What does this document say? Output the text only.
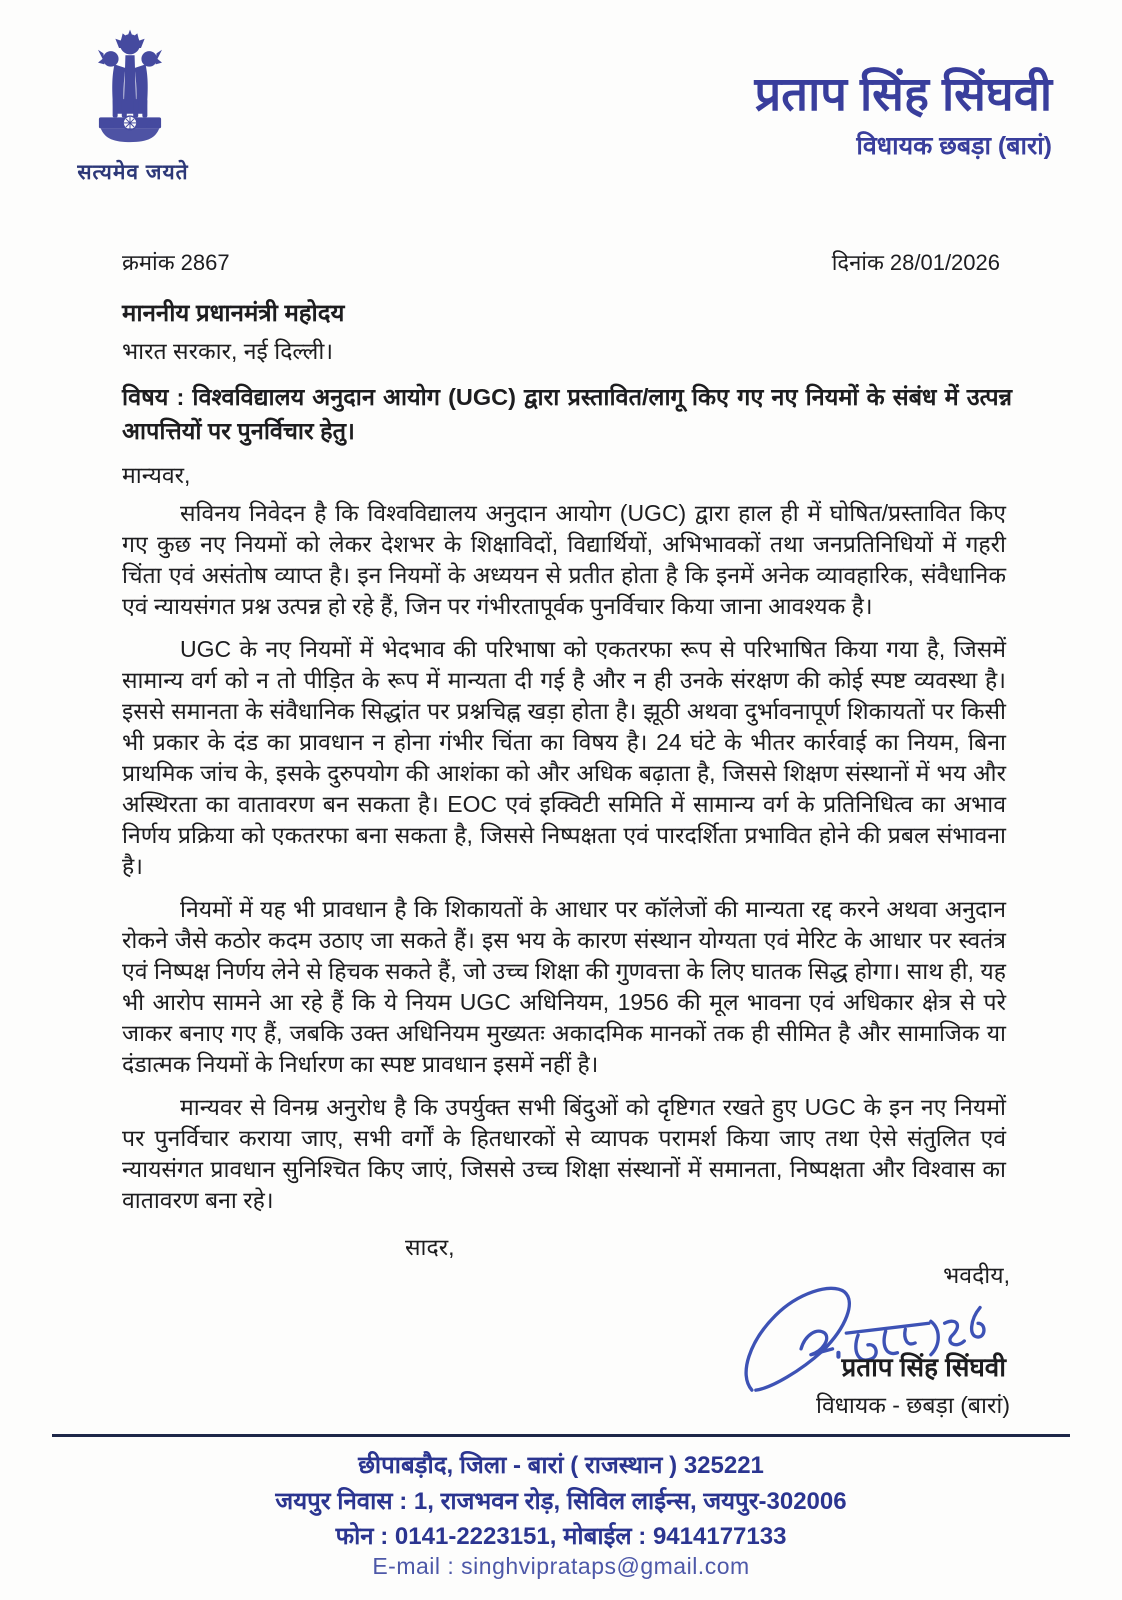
सत्यमेव जयते
प्रताप सिंह सिंघवी
विधायक छबड़ा (बारां)
क्रमांक 2867	दिनांक 28/01/2026
माननीय प्रधानमंत्री महोदय
भारत सरकार, नई दिल्ली।
विषय : विश्वविद्यालय अनुदान आयोग (UGC) द्वारा प्रस्तावित/लागू किए गए नए नियमों के संबंध में उत्पन्न आपत्तियों पर पुनर्विचार हेतु।
मान्यवर,

सविनय निवेदन है कि विश्वविद्यालय अनुदान आयोग (UGC) द्वारा हाल ही में घोषित/प्रस्तावित किए गए कुछ नए नियमों को लेकर देशभर के शिक्षाविदों, विद्यार्थियों, अभिभावकों तथा जनप्रतिनिधियों में गहरी चिंता एवं असंतोष व्याप्त है। इन नियमों के अध्ययन से प्रतीत होता है कि इनमें अनेक व्यावहारिक, संवैधानिक एवं न्यायसंगत प्रश्न उत्पन्न हो रहे हैं, जिन पर गंभीरतापूर्वक पुनर्विचार किया जाना आवश्यक है।

UGC के नए नियमों में भेदभाव की परिभाषा को एकतरफा रूप से परिभाषित किया गया है, जिसमें सामान्य वर्ग को न तो पीड़ित के रूप में मान्यता दी गई है और न ही उनके संरक्षण की कोई स्पष्ट व्यवस्था है। इससे समानता के संवैधानिक सिद्धांत पर प्रश्नचिह्न खड़ा होता है। झूठी अथवा दुर्भावनापूर्ण शिकायतों पर किसी भी प्रकार के दंड का प्रावधान न होना गंभीर चिंता का विषय है। 24 घंटे के भीतर कार्रवाई का नियम, बिना प्राथमिक जांच के, इसके दुरुपयोग की आशंका को और अधिक बढ़ाता है, जिससे शिक्षण संस्थानों में भय और अस्थिरता का वातावरण बन सकता है। EOC एवं इक्विटी समिति में सामान्य वर्ग के प्रतिनिधित्व का अभाव निर्णय प्रक्रिया को एकतरफा बना सकता है, जिससे निष्पक्षता एवं पारदर्शिता प्रभावित होने की प्रबल संभावना है।

नियमों में यह भी प्रावधान है कि शिकायतों के आधार पर कॉलेजों की मान्यता रद्द करने अथवा अनुदान रोकने जैसे कठोर कदम उठाए जा सकते हैं। इस भय के कारण संस्थान योग्यता एवं मेरिट के आधार पर स्वतंत्र एवं निष्पक्ष निर्णय लेने से हिचक सकते हैं, जो उच्च शिक्षा की गुणवत्ता के लिए घातक सिद्ध होगा। साथ ही, यह भी आरोप सामने आ रहे हैं कि ये नियम UGC अधिनियम, 1956 की मूल भावना एवं अधिकार क्षेत्र से परे जाकर बनाए गए हैं, जबकि उक्त अधिनियम मुख्यतः अकादमिक मानकों तक ही सीमित है और सामाजिक या दंडात्मक नियमों के निर्धारण का स्पष्ट प्रावधान इसमें नहीं है।

मान्यवर से विनम्र अनुरोध है कि उपर्युक्त सभी बिंदुओं को दृष्टिगत रखते हुए UGC के इन नए नियमों पर पुनर्विचार कराया जाए, सभी वर्गों के हितधारकों से व्यापक परामर्श किया जाए तथा ऐसे संतुलित एवं न्यायसंगत प्रावधान सुनिश्चित किए जाएं, जिससे उच्च शिक्षा संस्थानों में समानता, निष्पक्षता और विश्वास का वातावरण बना रहे।

सादर,
भवदीय,
प्रताप सिंह सिंघवी
विधायक - छबड़ा (बारां)
छीपाबड़ौद, जिला - बारां ( राजस्थान ) 325221
जयपुर निवास : 1, राजभवन रोड़, सिविल लाईन्स, जयपुर-302006
फोन : 0141-2223151, मोबाईल : 9414177133
E-mail : singhviprataps@gmail.com
